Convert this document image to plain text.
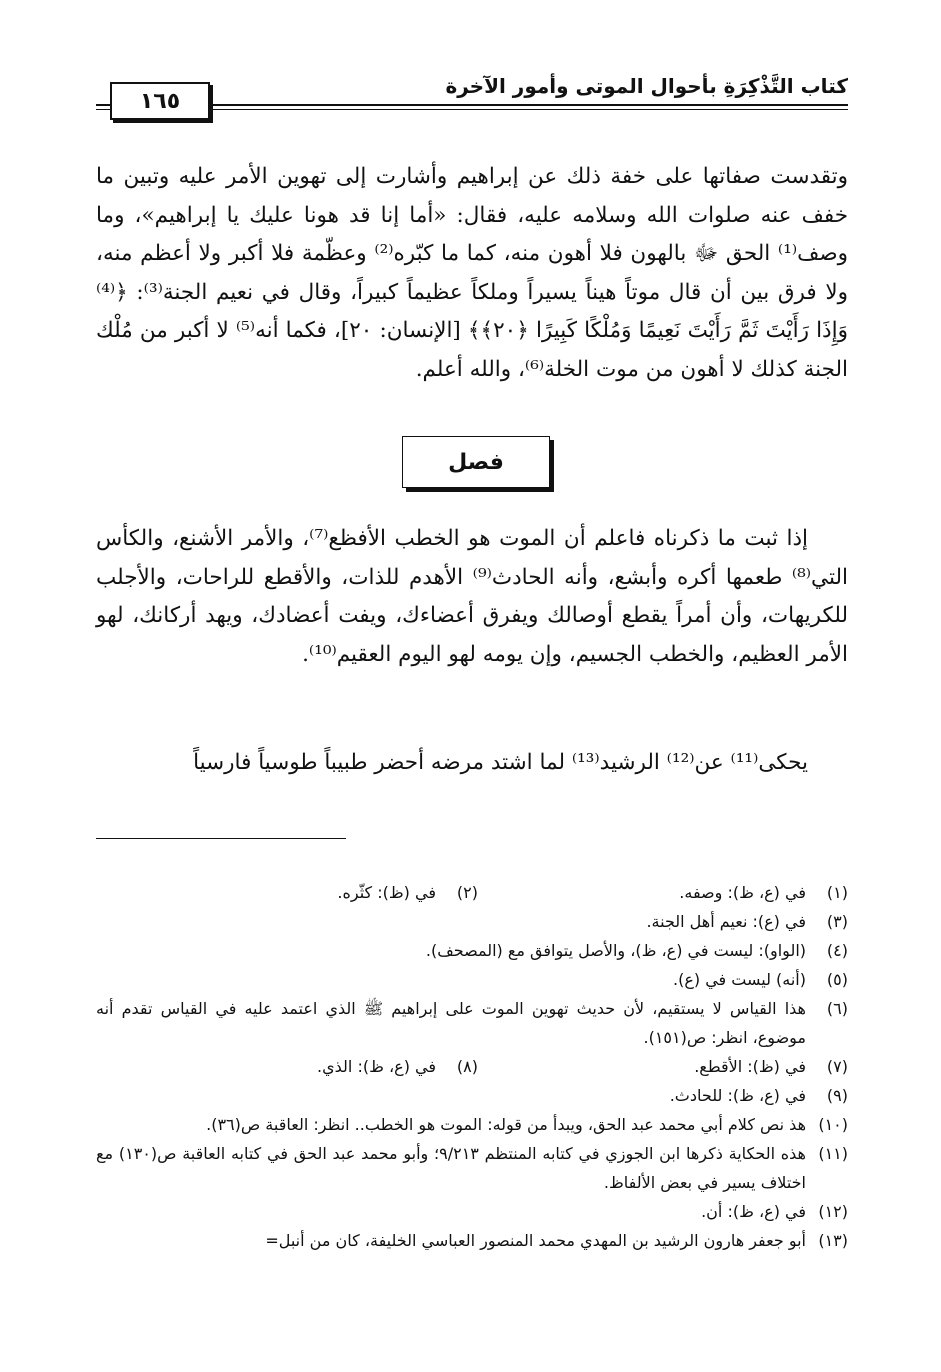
كتاب التَّذْكِرَةِ بأحوال الموتى وأمور الآخرة
١٦٥

وتقدست صفاتها على خفة ذلك عن إبراهيم وأشارت إلى تهوين الأمر عليه وتبين ما خفف عنه صلوات الله وسلامه عليه، فقال: «أما إنا قد هونا عليك يا إبراهيم»، وما وصف⁽¹⁾ الحق ﷻ بالهون فلا أهون منه، كما ما كبّره⁽²⁾ وعظّمة فلا أكبر ولا أعظم منه، ولا فرق بين أن قال موتاً هيناً يسيراً وملكاً عظيماً كبيراً، وقال في نعيم الجنة⁽³⁾: ﴿⁽⁴⁾وَإِذَا رَأَيْتَ ثَمَّ رَأَيْتَ نَعِيمًا وَمُلْكًا كَبِيرًا ﴿٢٠﴾﴾ [الإنسان: ٢٠]، فكما أنه⁽⁵⁾ لا أكبر من مُلْك الجنة كذلك لا أهون من موت الخلة⁽⁶⁾، والله أعلم.

فصل

إذا ثبت ما ذكرناه فاعلم أن الموت هو الخطب الأفظع⁽⁷⁾، والأمر الأشنع، والكأس التي⁽⁸⁾ طعمها أكره وأبشع، وأنه الحادث⁽⁹⁾ الأهدم للذات، والأقطع للراحات، والأجلب للكريهات، وأن أمراً يقطع أوصالك ويفرق أعضاءك، ويفت أعضادك، ويهد أركانك، لهو الأمر العظيم، والخطب الجسيم، وإن يومه لهو اليوم العقيم⁽¹⁰⁾.

يحكى⁽¹¹⁾ عن⁽¹²⁾ الرشيد⁽¹³⁾ لما اشتد مرضه أحضر طبيباً طوسياً فارسياً

(١)
في (ع، ظ): وصفه.
(٢)
في (ظ): كثّره.
(٣)
في (ع): نعيم أهل الجنة.
(٤)
(الواو): ليست في (ع، ظ)، والأصل يتوافق مع (المصحف).
(٥)
(أنه) ليست في (ع).
(٦)
هذا القياس لا يستقيم، لأن حديث تهوين الموت على إبراهيم ﷺ الذي اعتمد عليه في القياس تقدم أنه موضوع، انظر: ص(١٥١).
(٧)
في (ظ): الأقطع.
(٨)
في (ع، ظ): الذي.
(٩)
في (ع، ظ): للحادث.
(١٠)
هذ نص كلام أبي محمد عبد الحق، ويبدأ من قوله: الموت هو الخطب.. انظر: العاقبة ص(٣٦).
(١١)
هذه الحكاية ذكرها ابن الجوزي في كتابه المنتظم ٩/٢١٣؛ وأبو محمد عبد الحق في كتابه العاقبة ص(١٣٠) مع اختلاف يسير في بعض الألفاظ.
(١٢)
في (ع، ظ): أن.
(١٣)
أبو جعفر هارون الرشيد بن المهدي محمد المنصور العباسي الخليفة، كان من أنبل=
